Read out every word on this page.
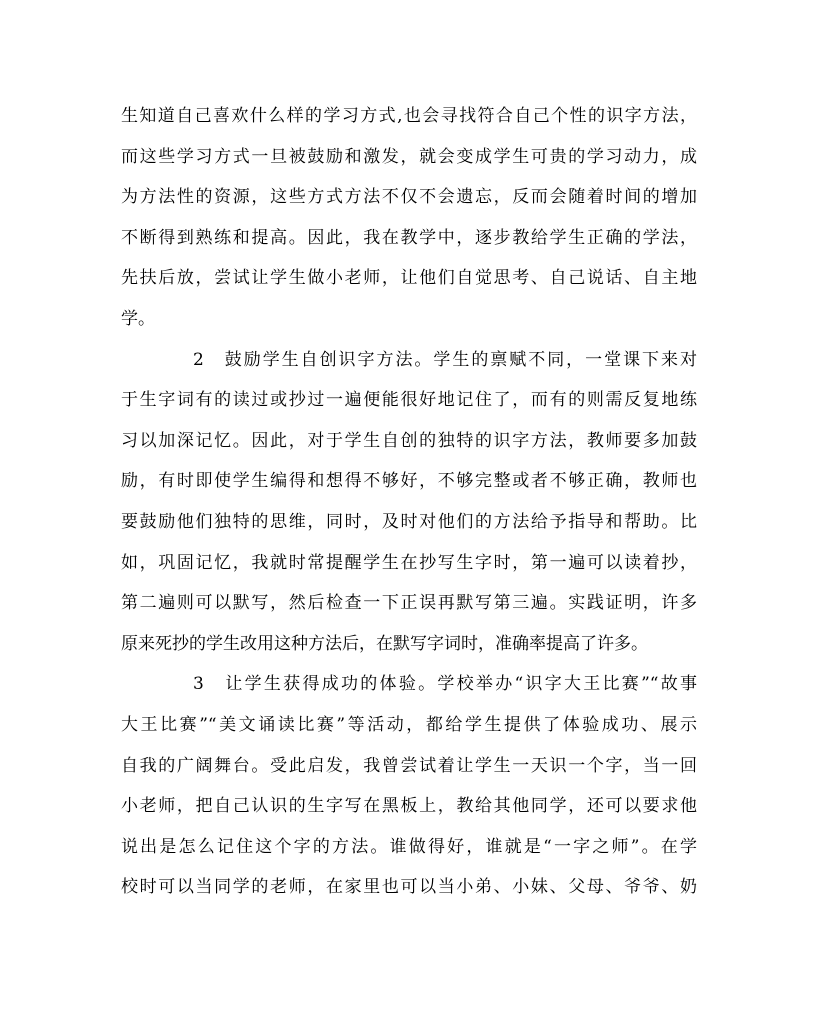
生知道自己喜欢什么样的学习方式,也会寻找符合自己个性的识字方法，
而这些学习方式一旦被鼓励和激发，就会变成学生可贵的学习动力，成
为方法性的资源，这些方式方法不仅不会遗忘，反而会随着时间的增加
不断得到熟练和提高。因此，我在教学中，逐步教给学生正确的学法，
先扶后放，尝试让学生做小老师，让他们自觉思考、自己说话、自主地
学。
2　鼓励学生自创识字方法。学生的禀赋不同，一堂课下来对
于生字词有的读过或抄过一遍便能很好地记住了，而有的则需反复地练
习以加深记忆。因此，对于学生自创的独特的识字方法，教师要多加鼓
励，有时即使学生编得和想得不够好，不够完整或者不够正确，教师也
要鼓励他们独特的思维，同时，及时对他们的方法给予指导和帮助。比
如，巩固记忆，我就时常提醒学生在抄写生字时，第一遍可以读着抄，
第二遍则可以默写，然后检查一下正误再默写第三遍。实践证明，许多
原来死抄的学生改用这种方法后，在默写字词时，准确率提高了许多。
3　让学生获得成功的体验。学校举办“识字大王比赛”“故事
大王比赛”“美文诵读比赛”等活动，都给学生提供了体验成功、展示
自我的广阔舞台。受此启发，我曾尝试着让学生一天识一个字，当一回
小老师，把自己认识的生字写在黑板上，教给其他同学，还可以要求他
说出是怎么记住这个字的方法。谁做得好，谁就是“一字之师”。在学
校时可以当同学的老师，在家里也可以当小弟、小妹、父母、爷爷、奶
